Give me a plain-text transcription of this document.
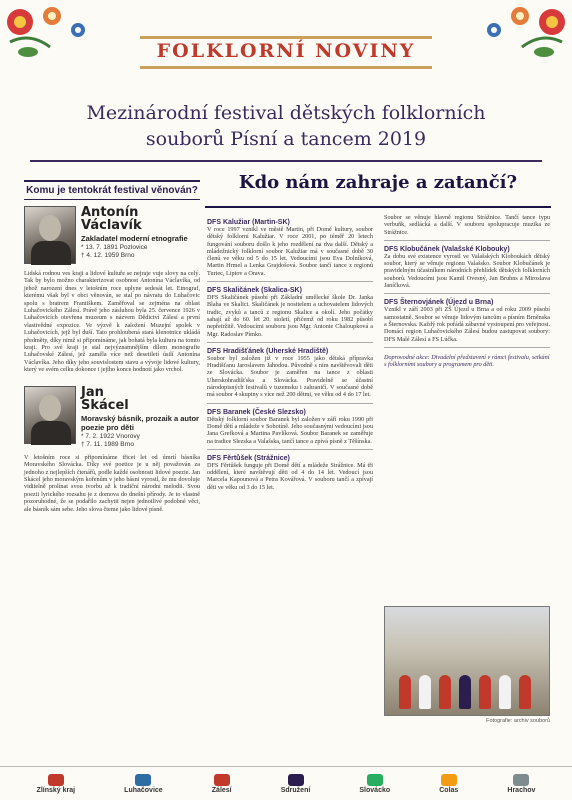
FOLKLORNÍ NOVINY
Mezinárodní festival dětských folklorních
souborů Písní a tancem 2019
Komu je tentokrát festival věnován?
Antonín
Václavík
Zakladatel moderní etnografie
* 13. 7. 1891 Pozlovice
† 4. 12. 1959 Brno
Lidská rodnou ves kraji a lidové kultuře se nejraje vuje slovy na celý. Tak by bylo možno charakterizovat osobnost Antonína Václavíka, od jehož narození dnes v letošním roce uplyne sedesát let. Etnograf, kterému však byl v obci věnován, se stal po návratu do Luhačovic spolu s bratrem Františkem. Zaměřoval se zejména na oblast Luhačovického Zálesí. Právě jeho zásluhou byla 25. července 1926 v Luhačovicích otevřena muzeum s názvem Dědictví Zálesí a první vlastivědné expozice. Ve výzvě k založení Muzejní spolek v Luhačovicích, jejž byl duší. Tato prohloubená stará klenotnice ukládá předměty, díky nimž si připomínáme, jak bohatá byla kultura na tomto kraji. Pro své kraji je stal nejvýznamnějším dílem monografie Luhačovské Zálesí, jež zaměla více než desetiletí úsilí Antonína Václavíka. Jeho díky jeho souvislostem stavu a vývoje lidové kultury, který ve svém celku dokonce i jejího konce hodnotí jako vrchol.
Jan
Skácel
Moravský básník, prozaik a autor poezie pro děti
* 7. 2. 1922 Vnorovy
† 7. 11. 1989 Brno
V letošním roce si připomínáme třicet let od úmrtí básníka Moravského Slovácka. Díky své poetice je u něj považován za jednoho z nejlepších čtenářů, podle každé osobnosti lidové poezie. Jan Skácel jeho moravským kořenům v jeho básni vyrostl, že mu dovoluje viditelně prolínat svou tvorbu až k tradiční národní melodii. Svou poezii lyrického rozsahu je z domova do dnešní přírody. Je to vlastně pozoruhodné, že se podařilo zachytit nejen jednotlivé podobné věci, ale básník sám sebe. Jeho slova čteme jako lidové písně.
Kdo nám zahraje a zatančí?
DFS Kalužiar (Martin-SK)
V roce 1997 vznikl ve městě Martin, při Domě kultury, soubor dětský folklorní Kalužiar. V roce 2001, po téměř 20 letech fungování souboru došlo k jeho rozdělení na dva další. Dětský a mládežnický folklorní soubor Kalužiar má v současné době 30 členů ve věku od 5 do 15 let. Vedoucími jsou Eva Dolníková, Martin Hrmel a Lenka Grajdošová. Soubor tančí tance z regionů Turiec, Liptov a Orava.
DFS Skaličánek (Skalica-SK)
DFS Skaličánek působí při Základní umělecké škole Dr. Janka Blaha ve Skalici. Skaličánek je nositelem a uchovatelem lidových tradic, zvyků a tanců z regionu Skalice a okolí. Jeho počátky sahají až do 60. let 20. století, přičemž od roku 1982 působí nepřetržitě. Vedoucími souboru jsou Mgr. Antonie Chaloupková a Mgr. Radoslav Pímko.
DFS Hradišťánek (Uherské Hradiště)
Soubor byl založen již v roce 1955 jako dětská přípravka Hradišťanu Jaroslavem Jahodou. Původně s ním navštěvovali děti ze Slovácka. Soubor je zaměřen na tance z oblasti Uherskohradišťska a Slovácka. Pravidelně se účastní národopisných festivalů v tuzemsku i zahraničí. V současné době má soubor 4 skupiny s více než 200 dětmi, ve věku od 4 do 17 let.
DFS Baranek (České Slezsko)
Dětský folklorní soubor Baranek byl založen v září roku 1990 při Domě dětí a mládeže v Sobotíně. Jeho současnými vedoucími jsou Jana Grefková a Martina Pavlíková. Soubor Baranek se zaměřuje na tradice Slezska a Valašska, tančí tance a zpívá písně z Těšínska.
DFS Fěrtůšek (Strážnice)
DFS Fěrtůšek funguje při Domě dětí a mládeže Strážnice. Má tři oddělení, které navštěvují děti od 4 do 14 let. Vedoucí jsou Marcela Kapounová a Petra Kovářová. V souboru tančí a zpívají děti ve věku od 3 do 15 let.
Soubor se věnuje hlavně regionu Strážnice. Tančí tance typu verbuňk, sedlácká a další. V souboru spolupracuje muzika ze Strážnice.
DFS Klobučánek (Valašské Klobouky)
Za dobu své existence vyrostl ve Valašských Kloboukách dětský soubor, který se věnuje regionu Valašsko. Soubor Klobučánek je pravidelným účastníkem národních přehlídek dětských folklorních souborů. Vedoucími jsou Kamil Ovesný, Jan Bruhns a Miroslava Janíčková.
DFS Šternovjánek (Újezd u Brna)
Vznikl v září 2003 při ZŠ Újezd u Brna a od roku 2009 působí samostatně. Soubor se věnuje lidovým tancům a písním Brněnska a Šternovska. Každý rok pořádá zábavné vystoupení pro veřejnost. Domácí region Luhačovického Zálesí budou zastupovat soubory: DFS Malé Zálesí a FS Lúčka.
Doprovodné akce: Divadelní představení v rámci festivalu, setkání s folklorními soubory a programem pro děti.
Fotografie: archiv souborů
Zlínský kraj	Luhačovice	Zálesí	Sdružení	Slovácko	Colas	Hrachov
